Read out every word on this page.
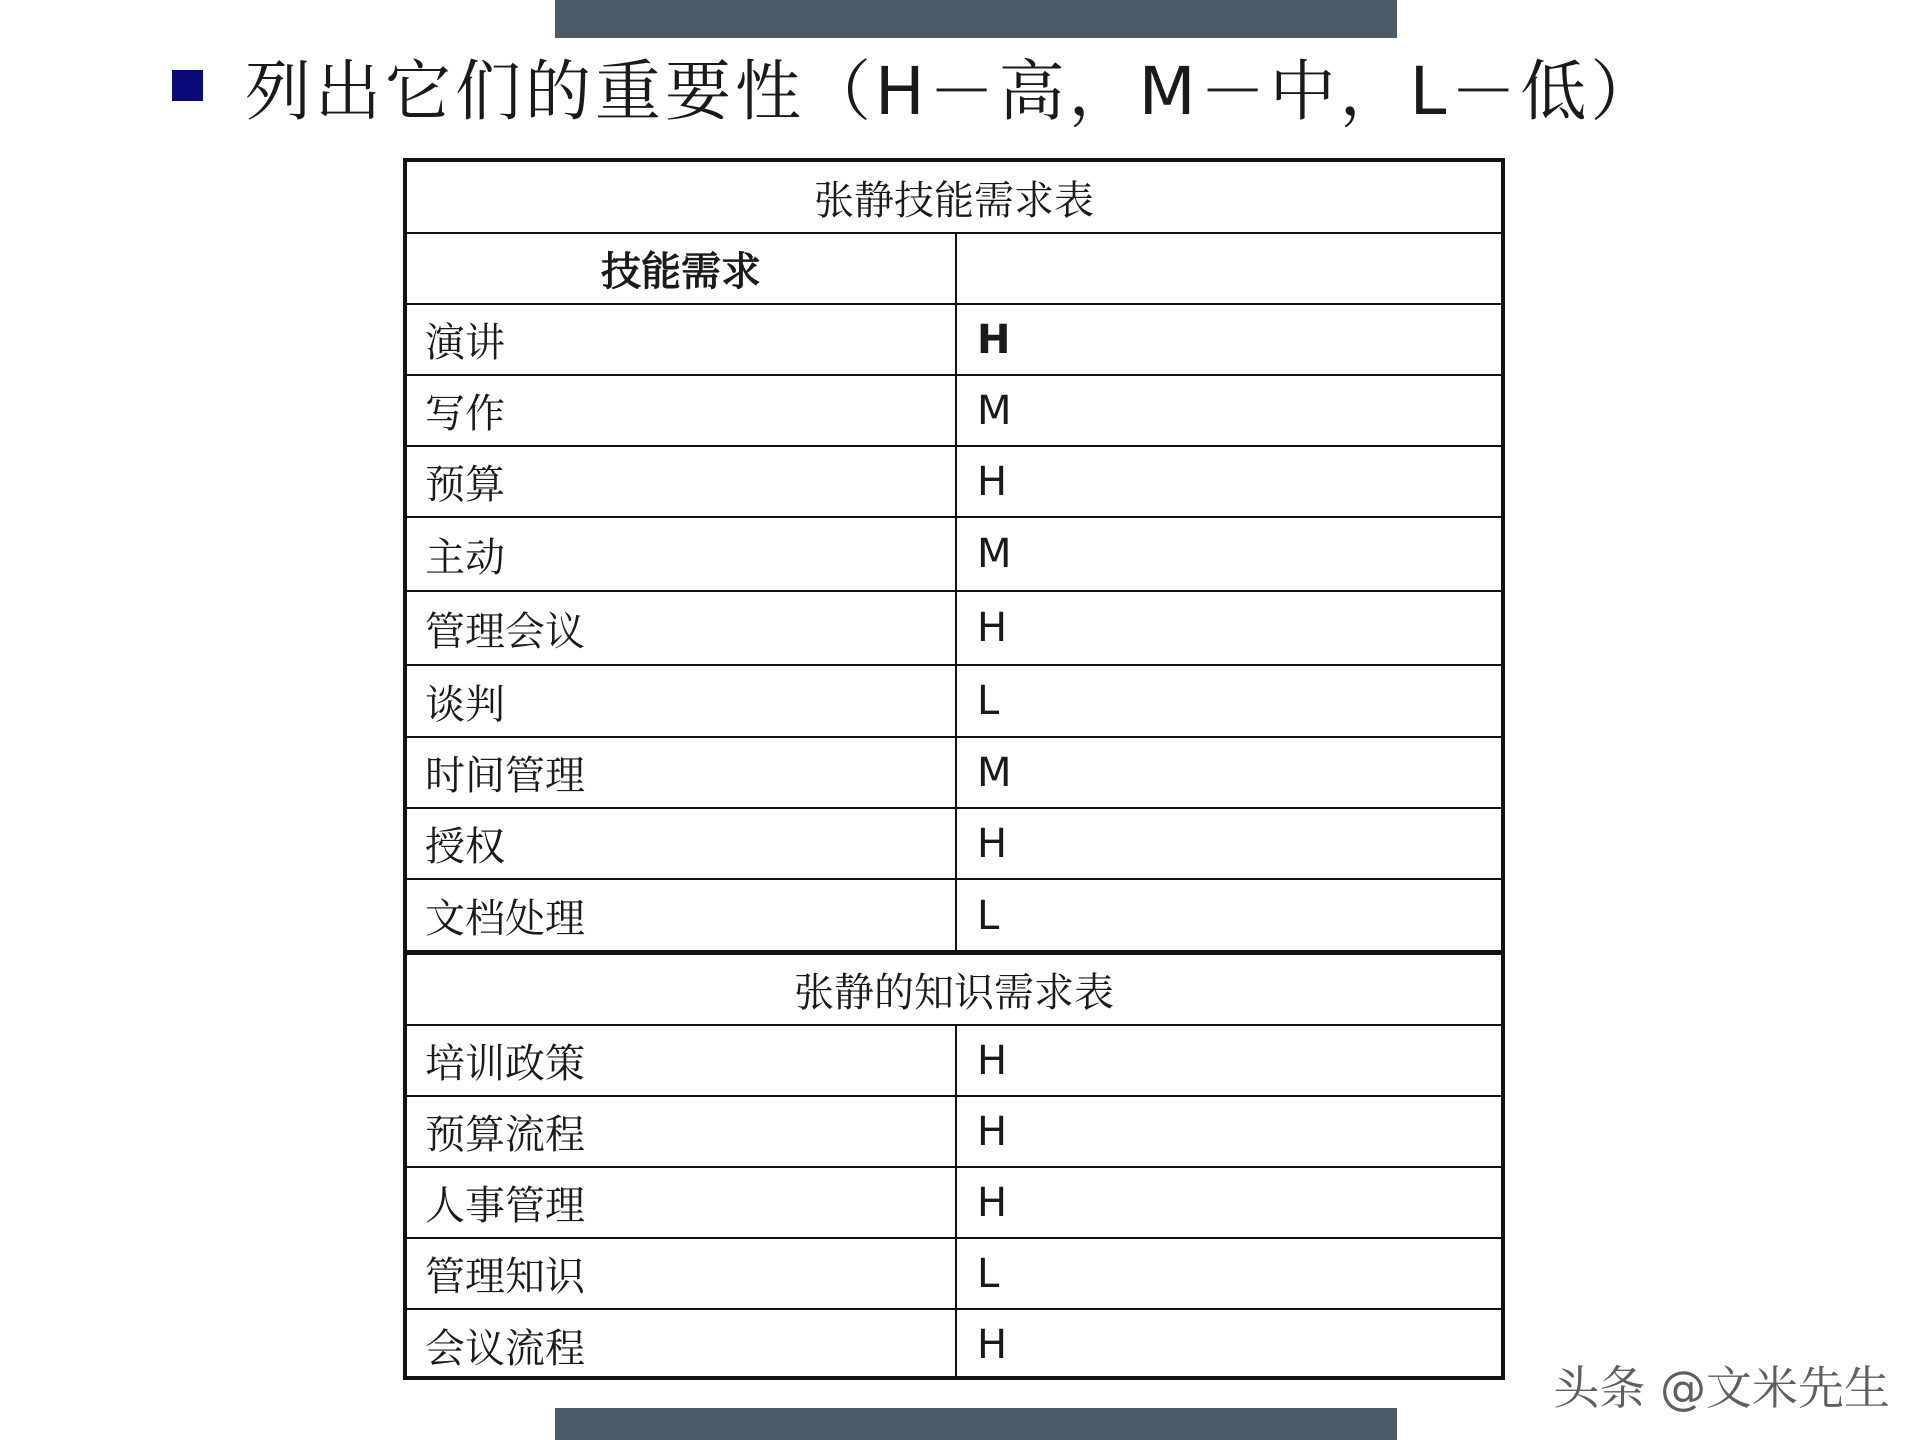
列出它们的重要性（H－高，M－中，L－低）
张静技能需求表
技能需求
演讲	H
写作	M
预算	H
主动	M
管理会议	H
谈判	L
时间管理	M
授权	H
文档处理	L
张静的知识需求表
培训政策	H
预算流程	H
人事管理	H
管理知识	L
会议流程	H
头条 @文米先生
